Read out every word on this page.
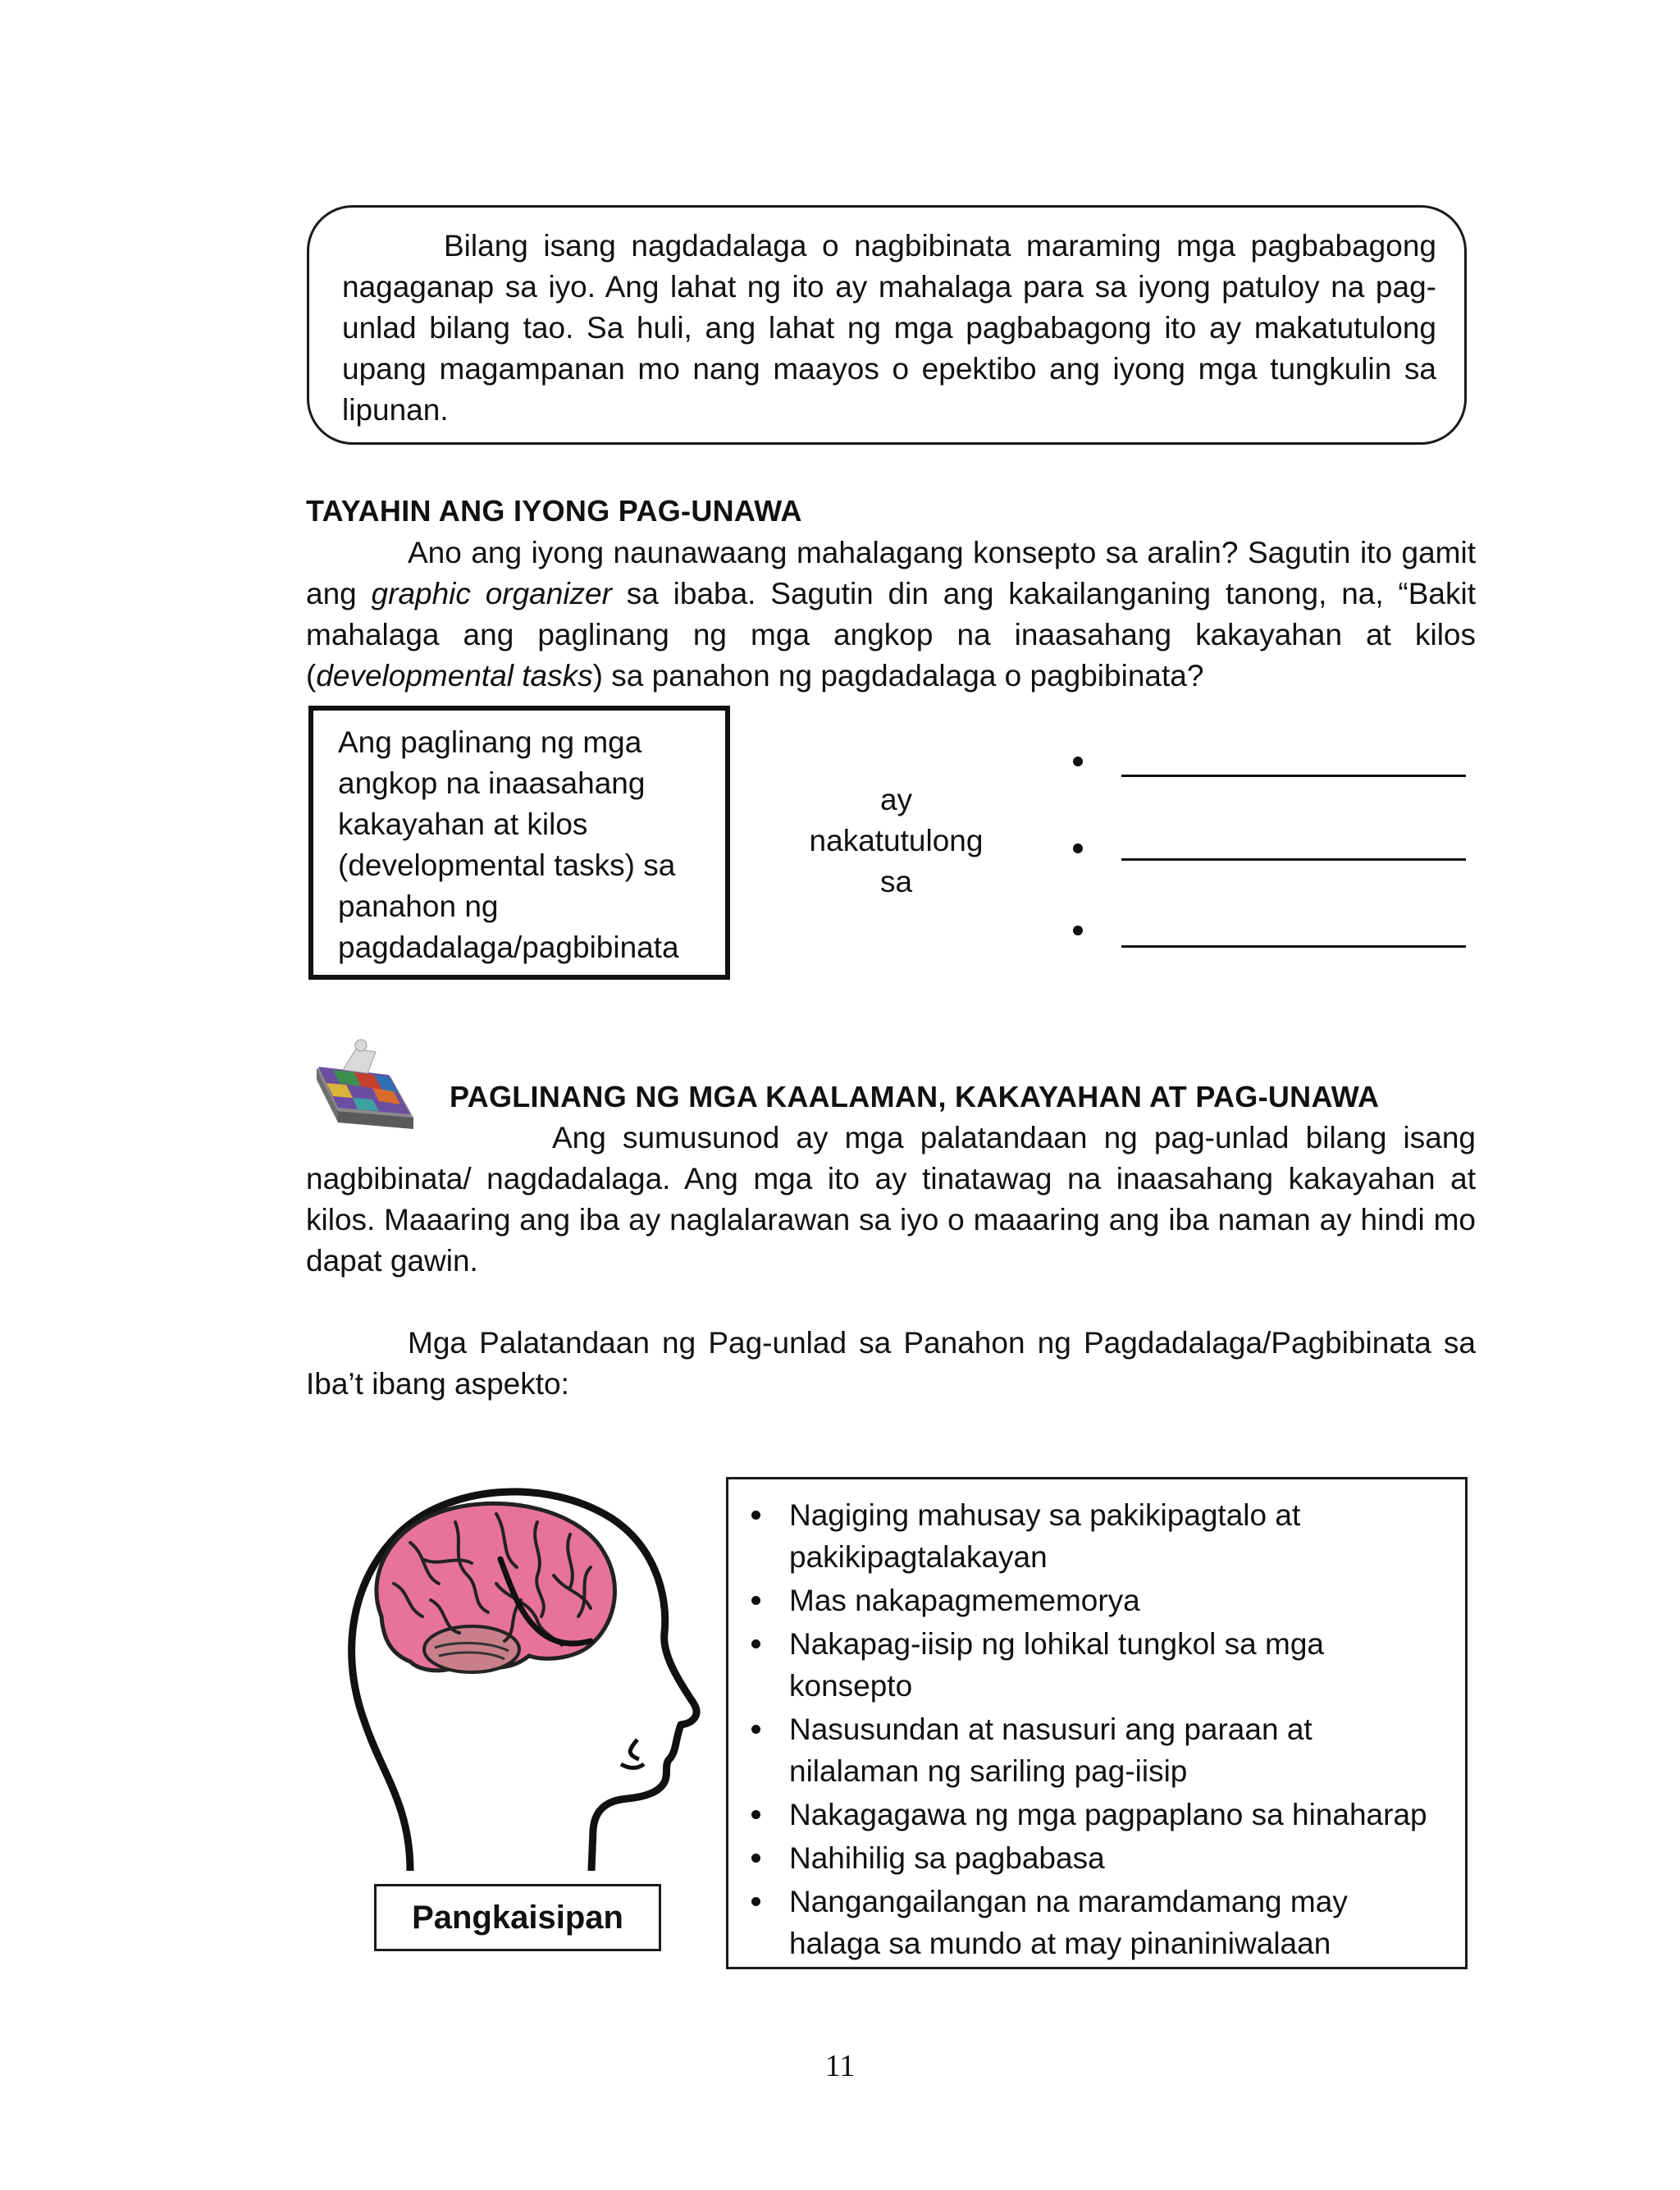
Bilang isang nagdadalaga o nagbibinata maraming mga pagbabagong nagaganap sa iyo. Ang lahat ng ito ay mahalaga para sa iyong patuloy na pag-unlad bilang tao. Sa huli, ang lahat ng mga pagbabagong ito ay makatutulong upang magampanan mo nang maayos o epektibo ang iyong mga tungkulin sa lipunan.
TAYAHIN ANG IYONG PAG-UNAWA
Ano ang iyong naunawaang mahalagang konsepto sa aralin? Sagutin ito gamit ang graphic organizer sa ibaba. Sagutin din ang kakailanganing tanong, na, “Bakit mahalaga ang paglinang ng mga angkop na inaasahang kakayahan at kilos (developmental tasks) sa panahon ng pagdadalaga o pagbibinata?
Ang paglinang ng mga
angkop na inaasahang
kakayahan at kilos
(developmental tasks) sa
panahon ng
pagdadalaga/pagbibinata
ay
nakatutulong
sa
PAGLINANG NG MGA KAALAMAN, KAKAYAHAN AT PAG-UNAWA
Ang sumusunod ay mga palatandaan ng pag-unlad bilang isang nagbibinata/ nagdadalaga. Ang mga ito ay tinatawag na inaasahang kakayahan at kilos. Maaaring ang iba ay naglalarawan sa iyo o maaaring ang iba naman ay hindi mo dapat gawin.
Mga Palatandaan ng Pag-unlad sa Panahon ng Pagdadalaga/Pagbibinata sa Iba’t ibang aspekto:
Pangkaisipan
Nagiging mahusay sa pakikipagtalo at
pakikipagtalakayan
Mas nakapagmememorya
Nakapag-iisip ng lohikal tungkol sa mga
konsepto
Nasusundan at nasusuri ang paraan at
nilalaman ng sariling pag-iisip
Nakagagawa ng mga pagpaplano sa hinaharap
Nahihilig sa pagbabasa
Nangangailangan na maramdamang may
halaga sa mundo at may pinaniniwalaan
11
